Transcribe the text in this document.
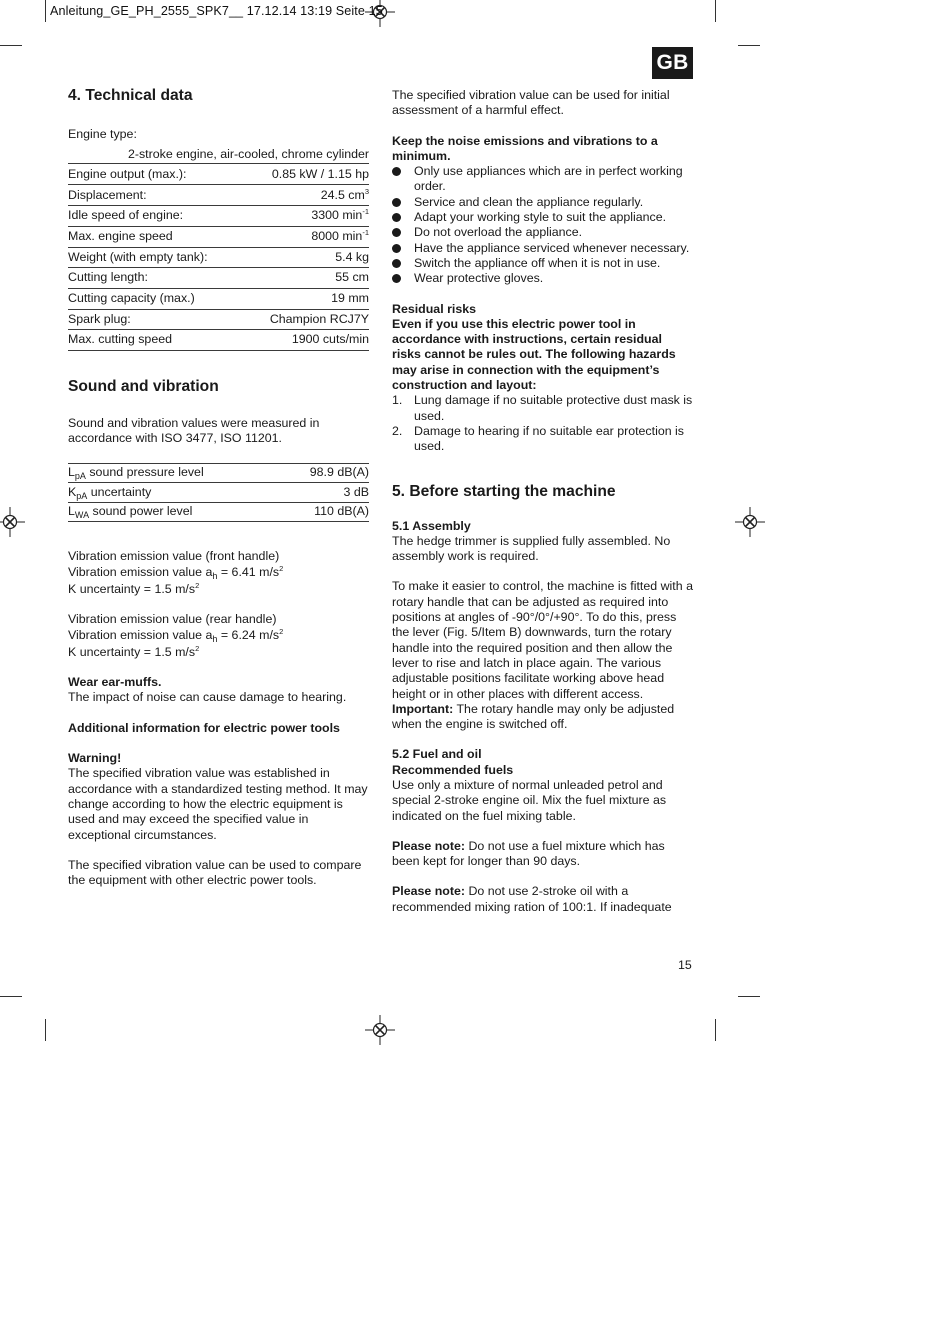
Anleitung_GE_PH_2555_SPK7__ 17.12.14 13:19 Seite 15
GB
4. Technical data

Engine type:

2-stroke engine, air-cooled, chrome cylinder
Engine output (max.):	0.85 kW / 1.15 hp
Displacement:	24.5 $cm^3$
Idle speed of engine:	3300 $\min^{-1}$
Max. engine speed	8000 $\min^{-1}$
Weight (with empty tank):	5.4 kg
Cutting length:	55 cm
Cutting capacity (max.)	19 mm
Spark plug:	Champion RCJ7Y
Max. cutting speed	1900 cuts/min
Sound and vibration

Sound and vibration values were measured in accordance with ISO 3477, ISO 11201.

$L_{pA}$ sound pressure level	98.9 dB(A)
$K_{pA}$ uncertainty	3 dB
$L_{WA}$ sound power level	110 dB(A)

Vibration emission value (front handle)

Vibration emission value $a_h = 6.41$ $m/s^2$

K uncertainty = 1.5 $m/s^2$

Vibration emission value (rear handle)

Vibration emission value $a_h = 6.24$ $m/s^2$

K uncertainty = 1.5 $m/s^2$

Wear ear-muffs.

The impact of noise can cause damage to hearing.

Additional information for electric power tools

Warning!

The specified vibration value was established in accordance with a standardized testing method. It may change according to how the electric equipment is used and may exceed the specified value in exceptional circumstances.

The specified vibration value can be used to compare the equipment with other electric power tools.

The specified vibration value can be used for initial assessment of a harmful effect.

Keep the noise emissions and vibrations to a minimum.

Only use appliances which are in perfect working order.
Service and clean the appliance regularly.
Adapt your working style to suit the appliance.
Do not overload the appliance.
Have the appliance serviced whenever necessary.
Switch the appliance off when it is not in use.
Wear protective gloves.

Residual risks

Even if you use this electric power tool in accordance with instructions, certain residual risks cannot be rules out. The following hazards may arise in connection with the equipment’s construction and layout:

1. Lung damage if no suitable protective dust mask is used.
2. Damage to hearing if no suitable ear protection is used.
5. Before starting the machine

5.1 Assembly

The hedge trimmer is supplied fully assembled. No assembly work is required.

To make it easier to control, the machine is fitted with a rotary handle that can be adjusted as required into positions at angles of -90°/0°/+90°. To do this, press the lever (Fig. 5/Item B) downwards, turn the rotary handle into the required position and then allow the lever to rise and latch in place again. The various adjustable positions facilitate working above head height or in other places with different access.

Important: The rotary handle may only be adjusted when the engine is switched off.

5.2 Fuel and oil

Recommended fuels

Use only a mixture of normal unleaded petrol and special 2-stroke engine oil. Mix the fuel mixture as indicated on the fuel mixing table.

Please note: Do not use a fuel mixture which has been kept for longer than 90 days.

Please note: Do not use 2-stroke oil with a recommended mixing ration of 100:1. If inadequate

15
